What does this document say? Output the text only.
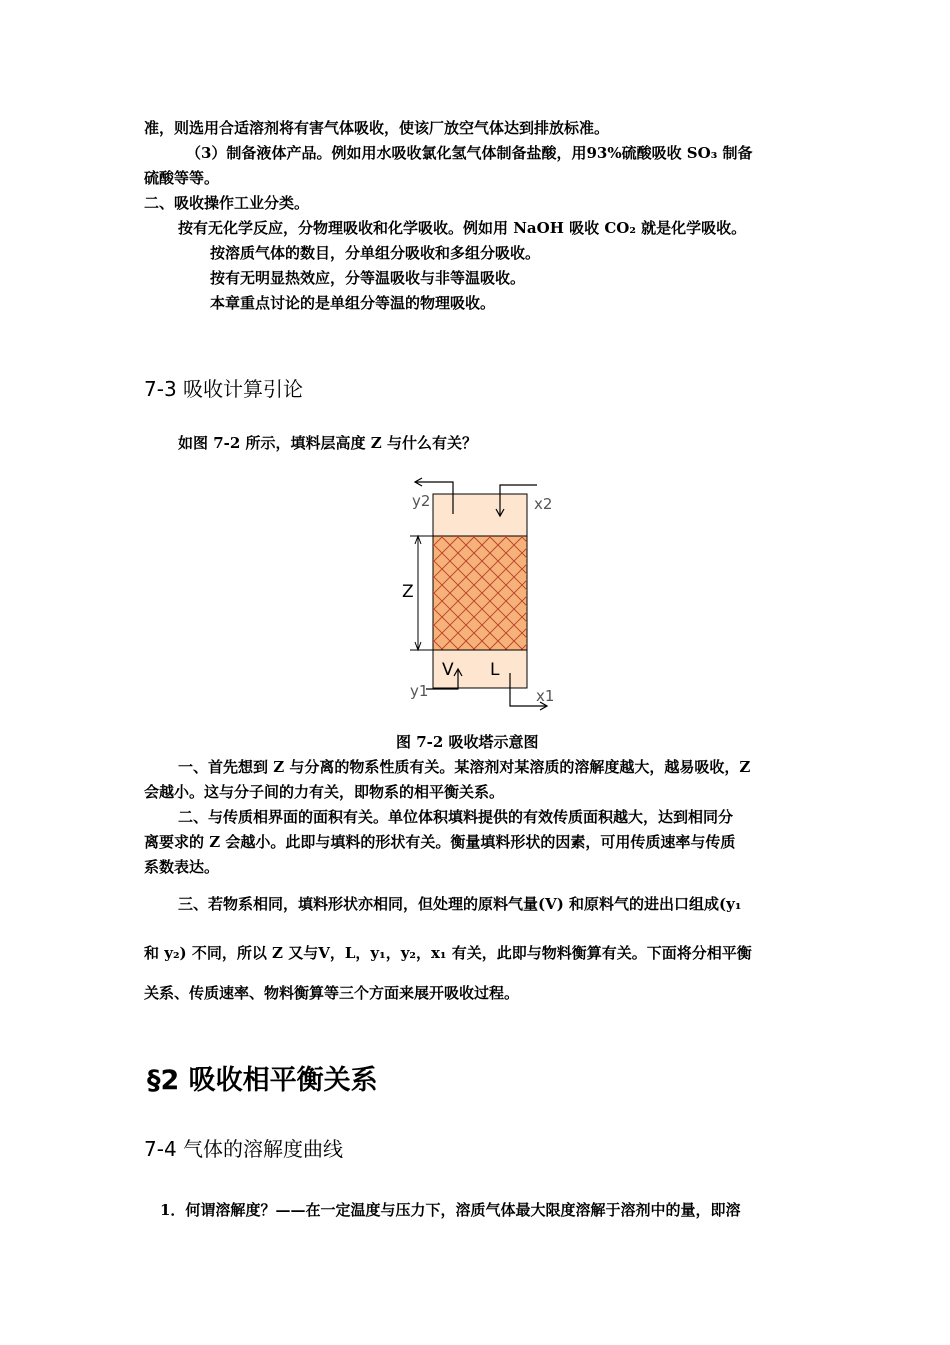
准，则选用合适溶剂将有害气体吸收，使该厂放空气体达到排放标准。
（3）制备液体产品。例如用水吸收氯化氢气体制备盐酸，用93%硫酸吸收 SO₃ 制备
硫酸等等。
二、吸收操作工业分类。
按有无化学反应，分物理吸收和化学吸收。例如用 NaOH 吸收 CO₂ 就是化学吸收。
按溶质气体的数目，分单组分吸收和多组分吸收。
按有无明显热效应，分等温吸收与非等温吸收。
本章重点讨论的是单组分等温的物理吸收。
7-3 吸收计算引论
如图 7-2 所示，填料层高度 Z 与什么有关？
y2	x2
Z
V L
y1	x1
图 7-2 吸收塔示意图
一、首先想到 Z 与分离的物系性质有关。某溶剂对某溶质的溶解度越大，越易吸收，Z
会越小。这与分子间的力有关，即物系的相平衡关系。
二、与传质相界面的面积有关。单位体积填料提供的有效传质面积越大，达到相同分
离要求的 Z 会越小。此即与填料的形状有关。衡量填料形状的因素，可用传质速率与传质
系数表达。
三、若物系相同，填料形状亦相同，但处理的原料气量(V) 和原料气的进出口组成(y₁
和 y₂) 不同，所以 Z 又与V，L，y₁，y₂，x₁ 有关，此即与物料衡算有关。下面将分相平衡
关系、传质速率、物料衡算等三个方面来展开吸收过程。
§2 吸收相平衡关系
7-4 气体的溶解度曲线
1．何谓溶解度？——在一定温度与压力下，溶质气体最大限度溶解于溶剂中的量，即溶
